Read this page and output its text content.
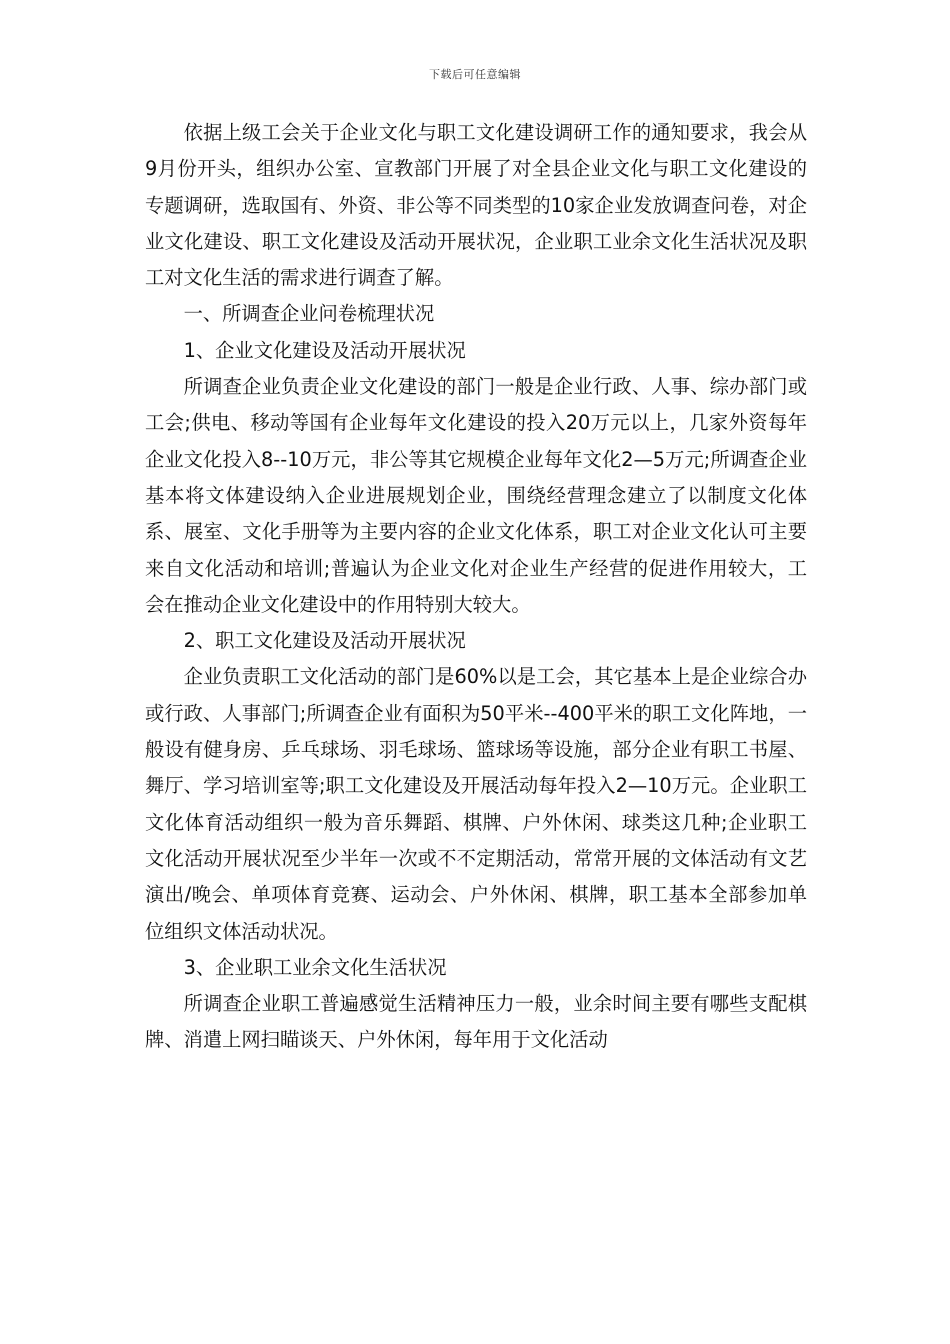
下载后可任意编辑

依据上级工会关于企业文化与职工文化建设调研工作的通知要求，我会从9月份开头，组织办公室、宣教部门开展了对全县企业文化与职工文化建设的专题调研，选取国有、外资、非公等不同类型的10家企业发放调查问卷，对企业文化建设、职工文化建设及活动开展状况，企业职工业余文化生活状况及职工对文化生活的需求进行调查了解。

一、所调查企业问卷梳理状况

1、企业文化建设及活动开展状况

所调查企业负责企业文化建设的部门一般是企业行政、人事、综办部门或工会;供电、移动等国有企业每年文化建设的投入20万元以上，几家外资每年企业文化投入8--10万元，非公等其它规模企业每年文化2—5万元;所调查企业基本将文体建设纳入企业进展规划企业，围绕经营理念建立了以制度文化体系、展室、文化手册等为主要内容的企业文化体系，职工对企业文化认可主要来自文化活动和培训;普遍认为企业文化对企业生产经营的促进作用较大，工会在推动企业文化建设中的作用特别大较大。

2、职工文化建设及活动开展状况

企业负责职工文化活动的部门是60%以是工会，其它基本上是企业综合办或行政、人事部门;所调查企业有面积为50平米--400平米的职工文化阵地，一般设有健身房、乒乓球场、羽毛球场、篮球场等设施，部分企业有职工书屋、舞厅、学习培训室等;职工文化建设及开展活动每年投入2—10万元。企业职工文化体育活动组织一般为音乐舞蹈、棋牌、户外休闲、球类这几种;企业职工文化活动开展状况至少半年一次或不不定期活动，常常开展的文体活动有文艺演出/晚会、单项体育竞赛、运动会、户外休闲、棋牌，职工基本全部参加单位组织文体活动状况。

3、企业职工业余文化生活状况

所调查企业职工普遍感觉生活精神压力一般，业余时间主要有哪些支配棋牌、消遣上网扫瞄谈天、户外休闲，每年用于文化活动
